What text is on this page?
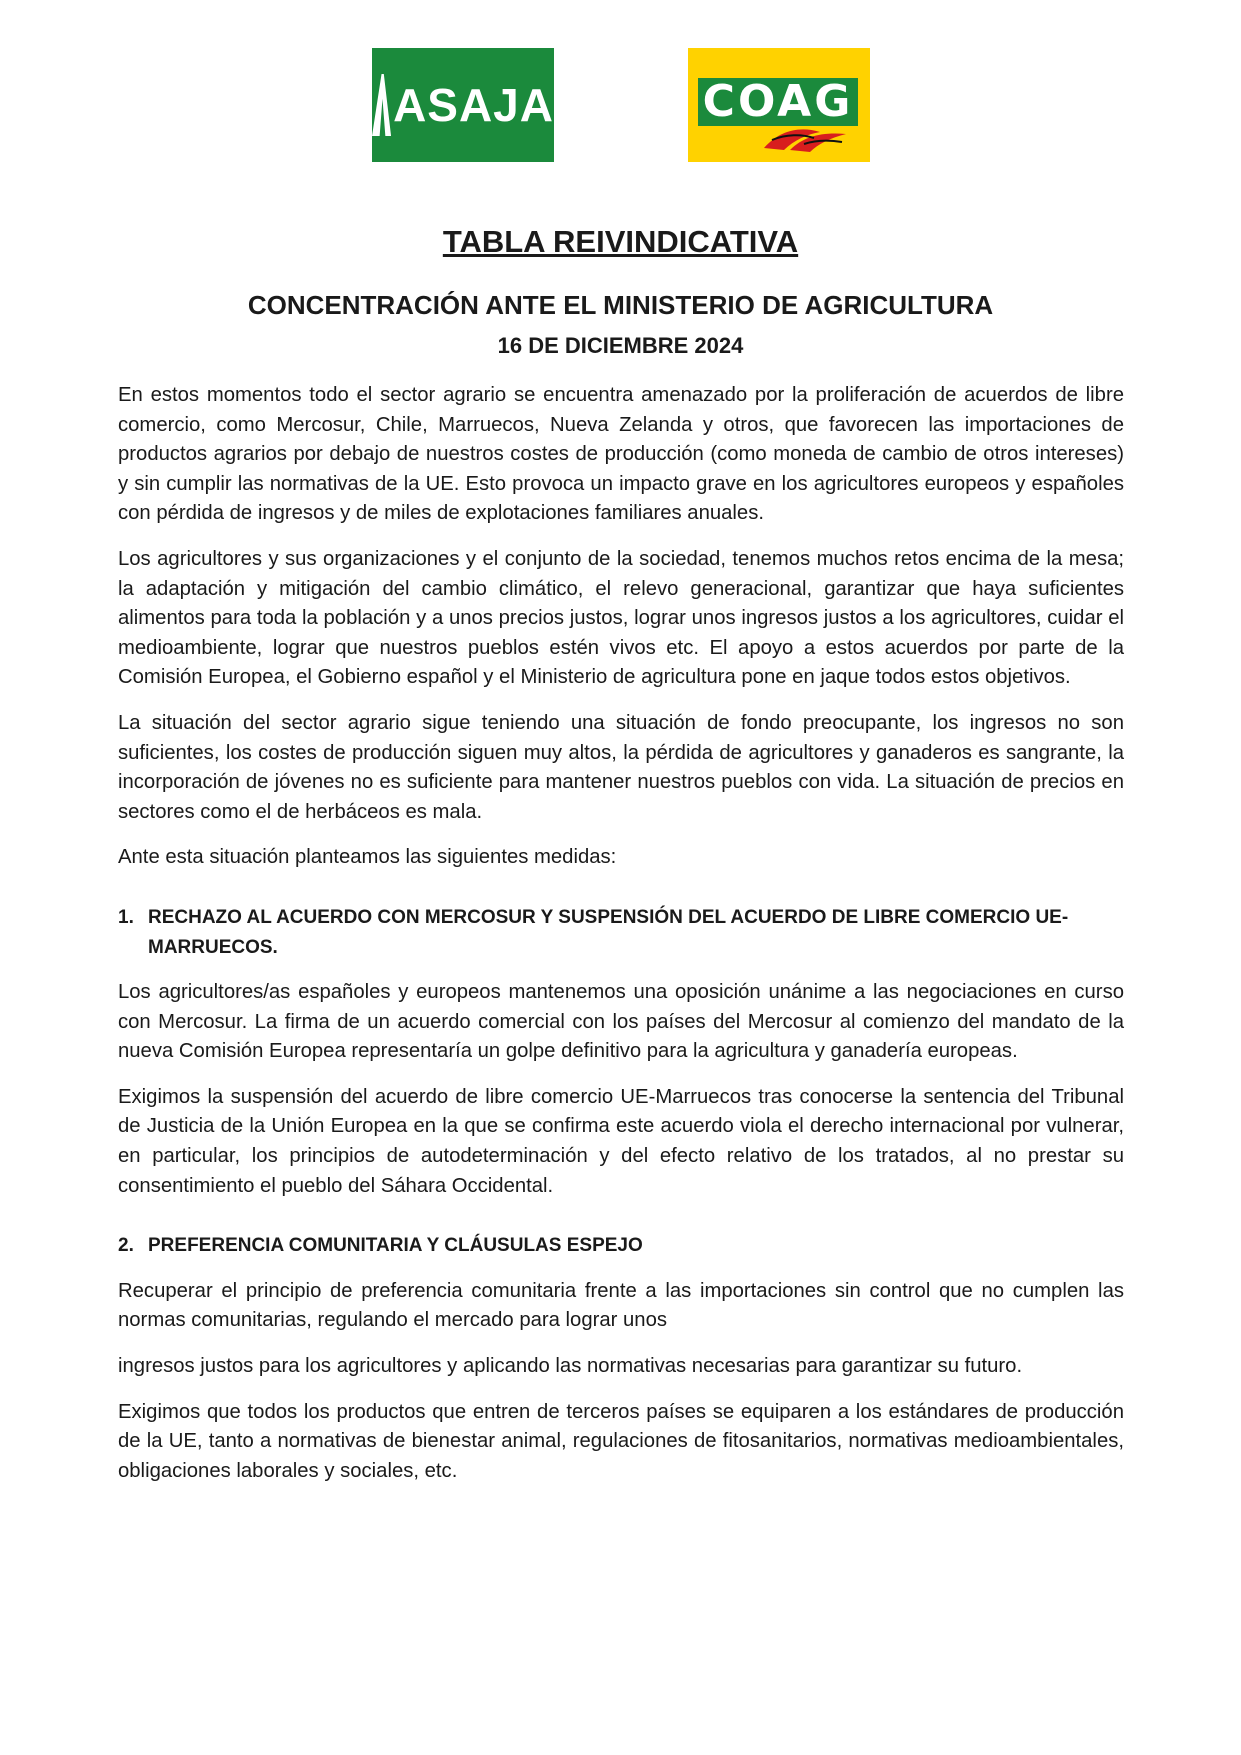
ASAJA	COAG
TABLA REIVINDICATIVA
CONCENTRACIÓN ANTE EL MINISTERIO DE AGRICULTURA
16 DE DICIEMBRE 2024

En estos momentos todo el sector agrario se encuentra amenazado por la proliferación de acuerdos de libre comercio, como Mercosur, Chile, Marruecos, Nueva Zelanda y otros, que favorecen las importaciones de productos agrarios por debajo de nuestros costes de producción (como moneda de cambio de otros intereses) y sin cumplir las normativas de la UE. Esto provoca un impacto grave en los agricultores europeos y españoles con pérdida de ingresos y de miles de explotaciones familiares anuales.

Los agricultores y sus organizaciones y el conjunto de la sociedad, tenemos muchos retos encima de la mesa; la adaptación y mitigación del cambio climático, el relevo generacional, garantizar que haya suficientes alimentos para toda la población y a unos precios justos, lograr unos ingresos justos a los agricultores, cuidar el medioambiente, lograr que nuestros pueblos estén vivos etc. El apoyo a estos acuerdos por parte de la Comisión Europea, el Gobierno español y el Ministerio de agricultura pone en jaque todos estos objetivos.

La situación del sector agrario sigue teniendo una situación de fondo preocupante, los ingresos no son suficientes, los costes de producción siguen muy altos, la pérdida de agricultores y ganaderos es sangrante, la incorporación de jóvenes no es suficiente para mantener nuestros pueblos con vida. La situación de precios en sectores como el de herbáceos es mala.

Ante esta situación planteamos las siguientes medidas:

1. RECHAZO AL ACUERDO CON MERCOSUR Y SUSPENSIÓN DEL ACUERDO DE LIBRE COMERCIO UE-MARRUECOS.

Los agricultores/as españoles y europeos mantenemos una oposición unánime a las negociaciones en curso con Mercosur. La firma de un acuerdo comercial con los países del Mercosur al comienzo del mandato de la nueva Comisión Europea representaría un golpe definitivo para la agricultura y ganadería europeas.

Exigimos la suspensión del acuerdo de libre comercio UE-Marruecos tras conocerse la sentencia del Tribunal de Justicia de la Unión Europea en la que se confirma este acuerdo viola el derecho internacional por vulnerar, en particular, los principios de autodeterminación y del efecto relativo de los tratados, al no prestar su consentimiento el pueblo del Sáhara Occidental.

2. PREFERENCIA COMUNITARIA Y CLÁUSULAS ESPEJO

Recuperar el principio de preferencia comunitaria frente a las importaciones sin control que no cumplen las normas comunitarias, regulando el mercado para lograr unos

ingresos justos para los agricultores y aplicando las normativas necesarias para garantizar su futuro.

Exigimos que todos los productos que entren de terceros países se equiparen a los estándares de producción de la UE, tanto a normativas de bienestar animal, regulaciones de fitosanitarios, normativas medioambientales, obligaciones laborales y sociales, etc.
